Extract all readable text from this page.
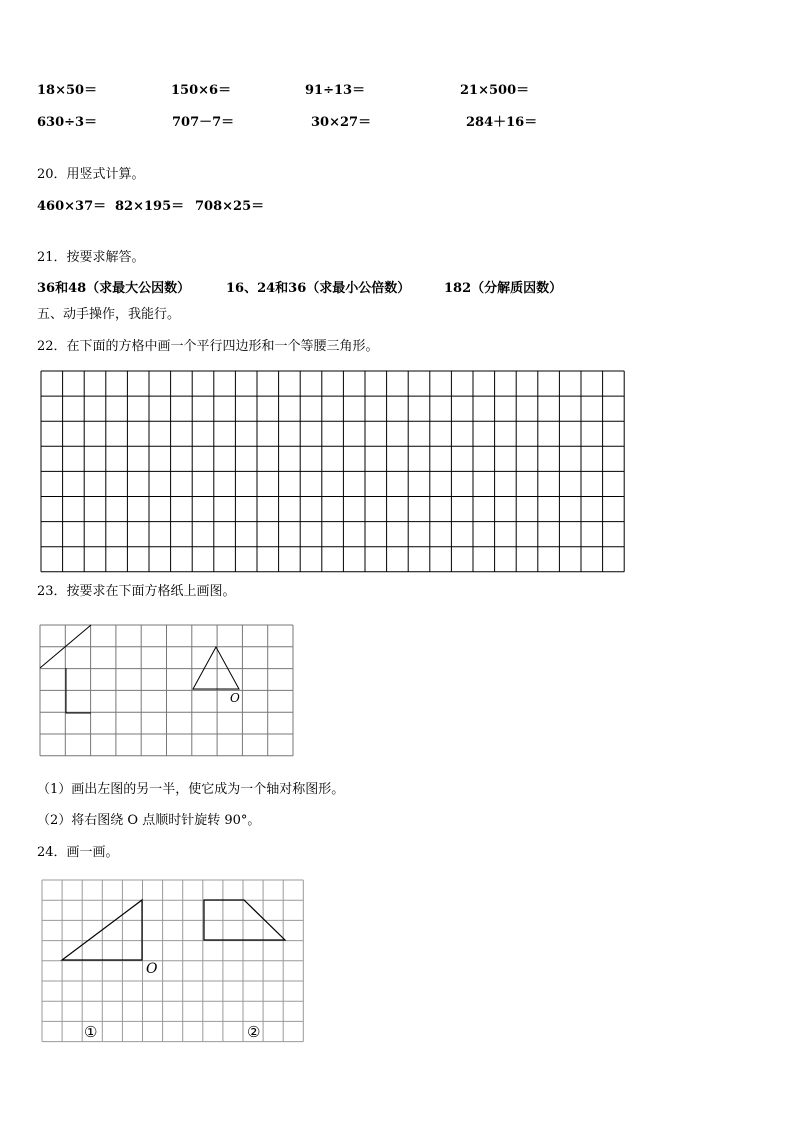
18×50＝	150×6＝	91÷13＝	21×500＝
630÷3＝	707－7＝	30×27＝	284＋16＝
20．用竖式计算。
460×37＝ 82×195＝ 708×25＝
21．按要求解答。
36和48（求最大公因数）	16、24和36（求最小公倍数）	182（分解质因数）
五、动手操作，我能行。
22．在下面的方格中画一个平行四边形和一个等腰三角形。
23．按要求在下面方格纸上画图。
O
（1）画出左图的另一半，使它成为一个轴对称图形。
（2）将右图绕 O 点顺时针旋转 90°。
24．画一画。
O
①	②
